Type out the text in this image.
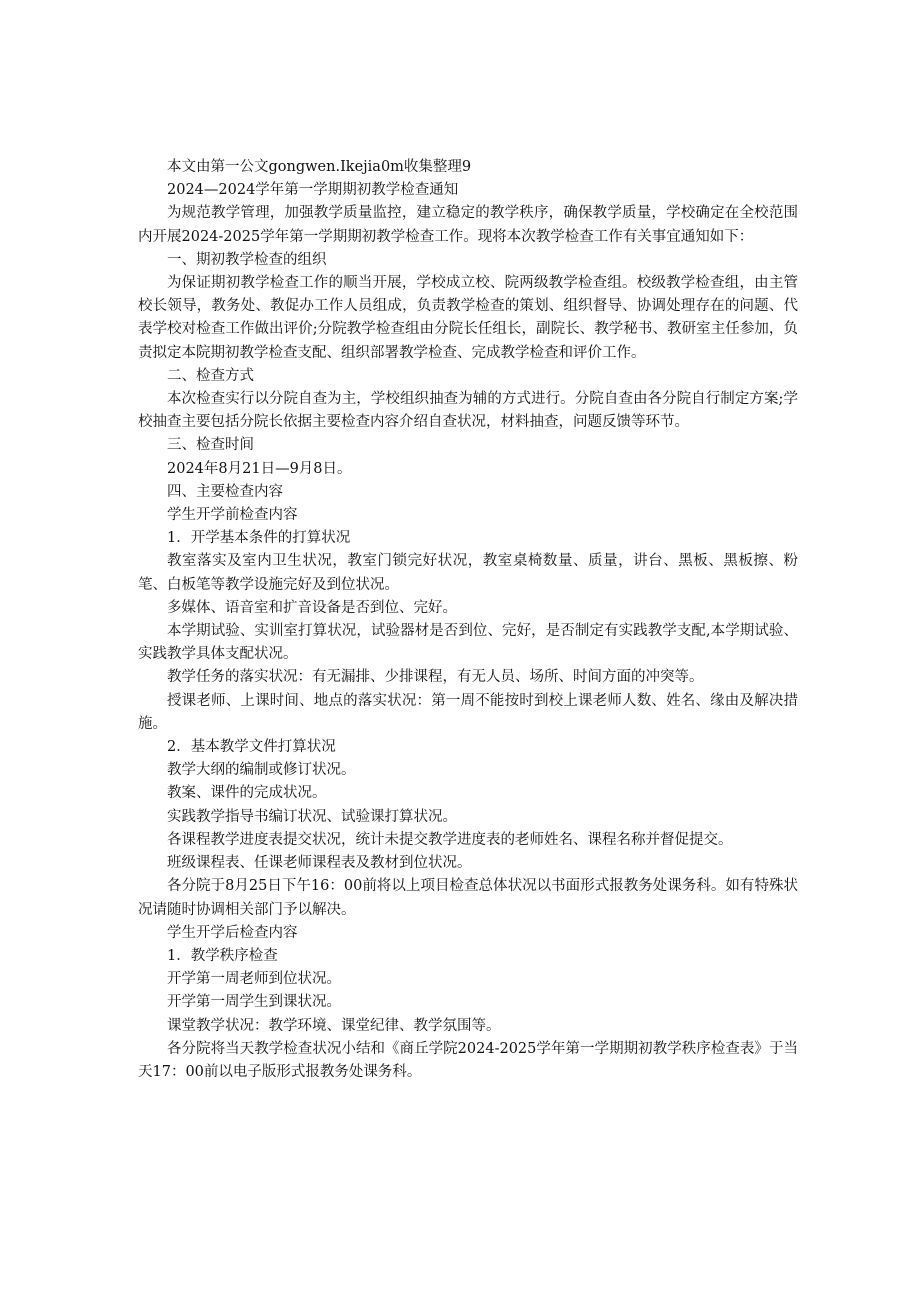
本文由第一公文gongwen.Ikejia0m收集整理9

2024—2024学年第一学期期初教学检查通知

为规范教学管理，加强教学质量监控，建立稳定的教学秩序，确保教学质量，学校确定在全校范围内开展2024-2025学年第一学期期初教学检查工作。现将本次教学检查工作有关事宜通知如下：

一、期初教学检查的组织

为保证期初教学检查工作的顺当开展，学校成立校、院两级教学检查组。校级教学检查组，由主管校长领导，教务处、教促办工作人员组成，负责教学检查的策划、组织督导、协调处理存在的问题、代表学校对检查工作做出评价;分院教学检查组由分院长任组长，副院长、教学秘书、教研室主任参加，负责拟定本院期初教学检查支配、组织部署教学检查、完成教学检查和评价工作。

二、检查方式

本次检查实行以分院自查为主，学校组织抽查为辅的方式进行。分院自查由各分院自行制定方案;学校抽查主要包括分院长依据主要检查内容介绍自查状况，材料抽查，问题反馈等环节。

三、检查时间

2024年8月21日—9月8日。

四、主要检查内容

学生开学前检查内容

1．开学基本条件的打算状况

教室落实及室内卫生状况，教室门锁完好状况，教室桌椅数量、质量，讲台、黑板、黑板擦、粉笔、白板笔等教学设施完好及到位状况。

多媒体、语音室和扩音设备是否到位、完好。

本学期试验、实训室打算状况，试验器材是否到位、完好，是否制定有实践教学支配,本学期试验、实践教学具体支配状况。

教学任务的落实状况：有无漏排、少排课程，有无人员、场所、时间方面的冲突等。

授课老师、上课时间、地点的落实状况：第一周不能按时到校上课老师人数、姓名、缘由及解决措施。

2．基本教学文件打算状况

教学大纲的编制或修订状况。

教案、课件的完成状况。

实践教学指导书编订状况、试验课打算状况。

各课程教学进度表提交状况，统计未提交教学进度表的老师姓名、课程名称并督促提交。

班级课程表、任课老师课程表及教材到位状况。

各分院于8月25日下午16：00前将以上项目检查总体状况以书面形式报教务处课务科。如有特殊状况请随时协调相关部门予以解决。

学生开学后检查内容

1．教学秩序检查

开学第一周老师到位状况。

开学第一周学生到课状况。

课堂教学状况：教学环境、课堂纪律、教学氛围等。

各分院将当天教学检查状况小结和《商丘学院2024-2025学年第一学期期初教学秩序检查表》于当天17：00前以电子版形式报教务处课务科。
